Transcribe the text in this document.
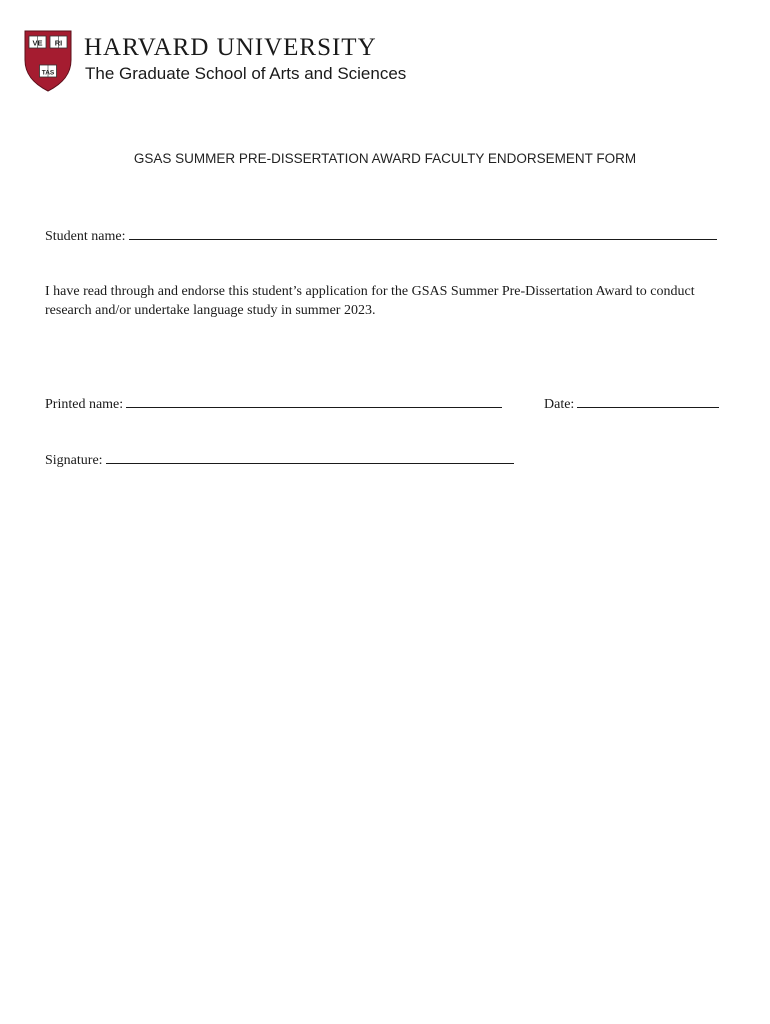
VE RI
TAS
HARVARD UNIVERSITY
The Graduate School of Arts and Sciences
GSAS SUMMER PRE-DISSERTATION AWARD FACULTY ENDORSEMENT FORM
Student name:
I have read through and endorse this student’s application for the GSAS Summer Pre-Dissertation Award to conduct
research and/or undertake language study in summer 2023.
Printed name:	Date:
Signature:
